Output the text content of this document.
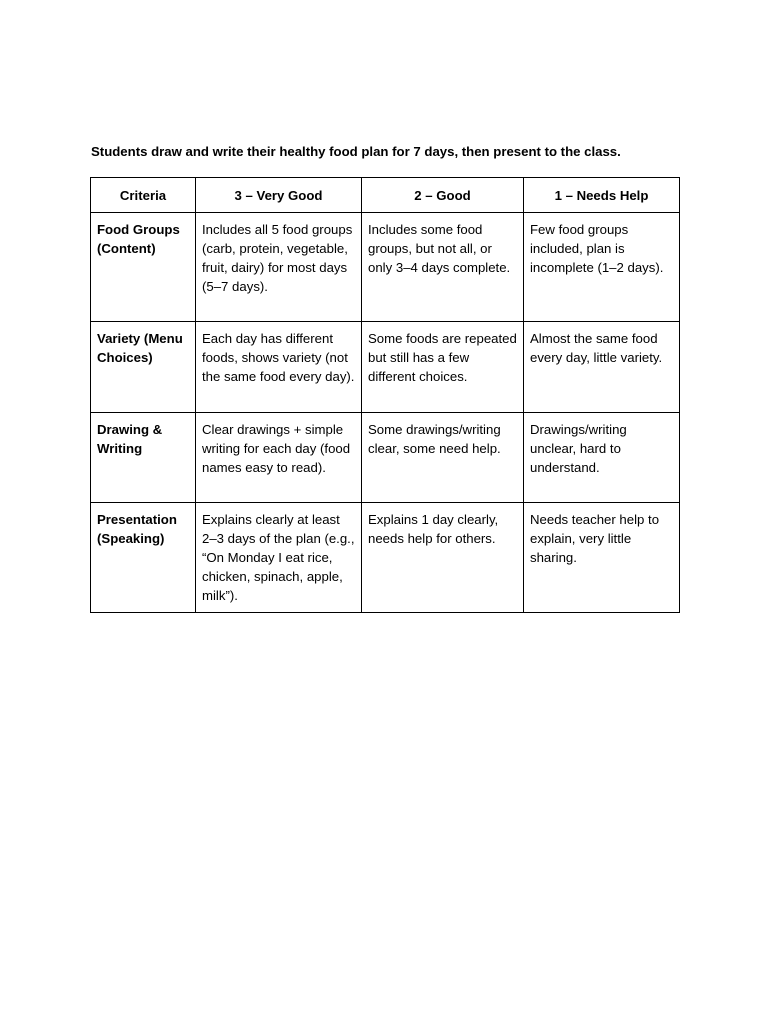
Students draw and write their healthy food plan for 7 days, then present to the class.
Criteria	3 – Very Good	2 – Good	1 – Needs Help
Food Groups (Content)	Includes all 5 food groups (carb, protein, vegetable, fruit, dairy) for most days (5–7 days).	Includes some food groups, but not all, or only 3–4 days complete.	Few food groups included, plan is incomplete (1–2 days).
Variety (Menu Choices)	Each day has different foods, shows variety (not the same food every day).	Some foods are repeated but still has a few different choices.	Almost the same food every day, little variety.
Drawing & Writing	Clear drawings + simple writing for each day (food names easy to read).	Some drawings/writing clear, some need help.	Drawings/writing unclear, hard to understand.
Presentation (Speaking)	Explains clearly at least 2–3 days of the plan (e.g., “On Monday I eat rice, chicken, spinach, apple, milk”).	Explains 1 day clearly, needs help for others.	Needs teacher help to explain, very little sharing.
